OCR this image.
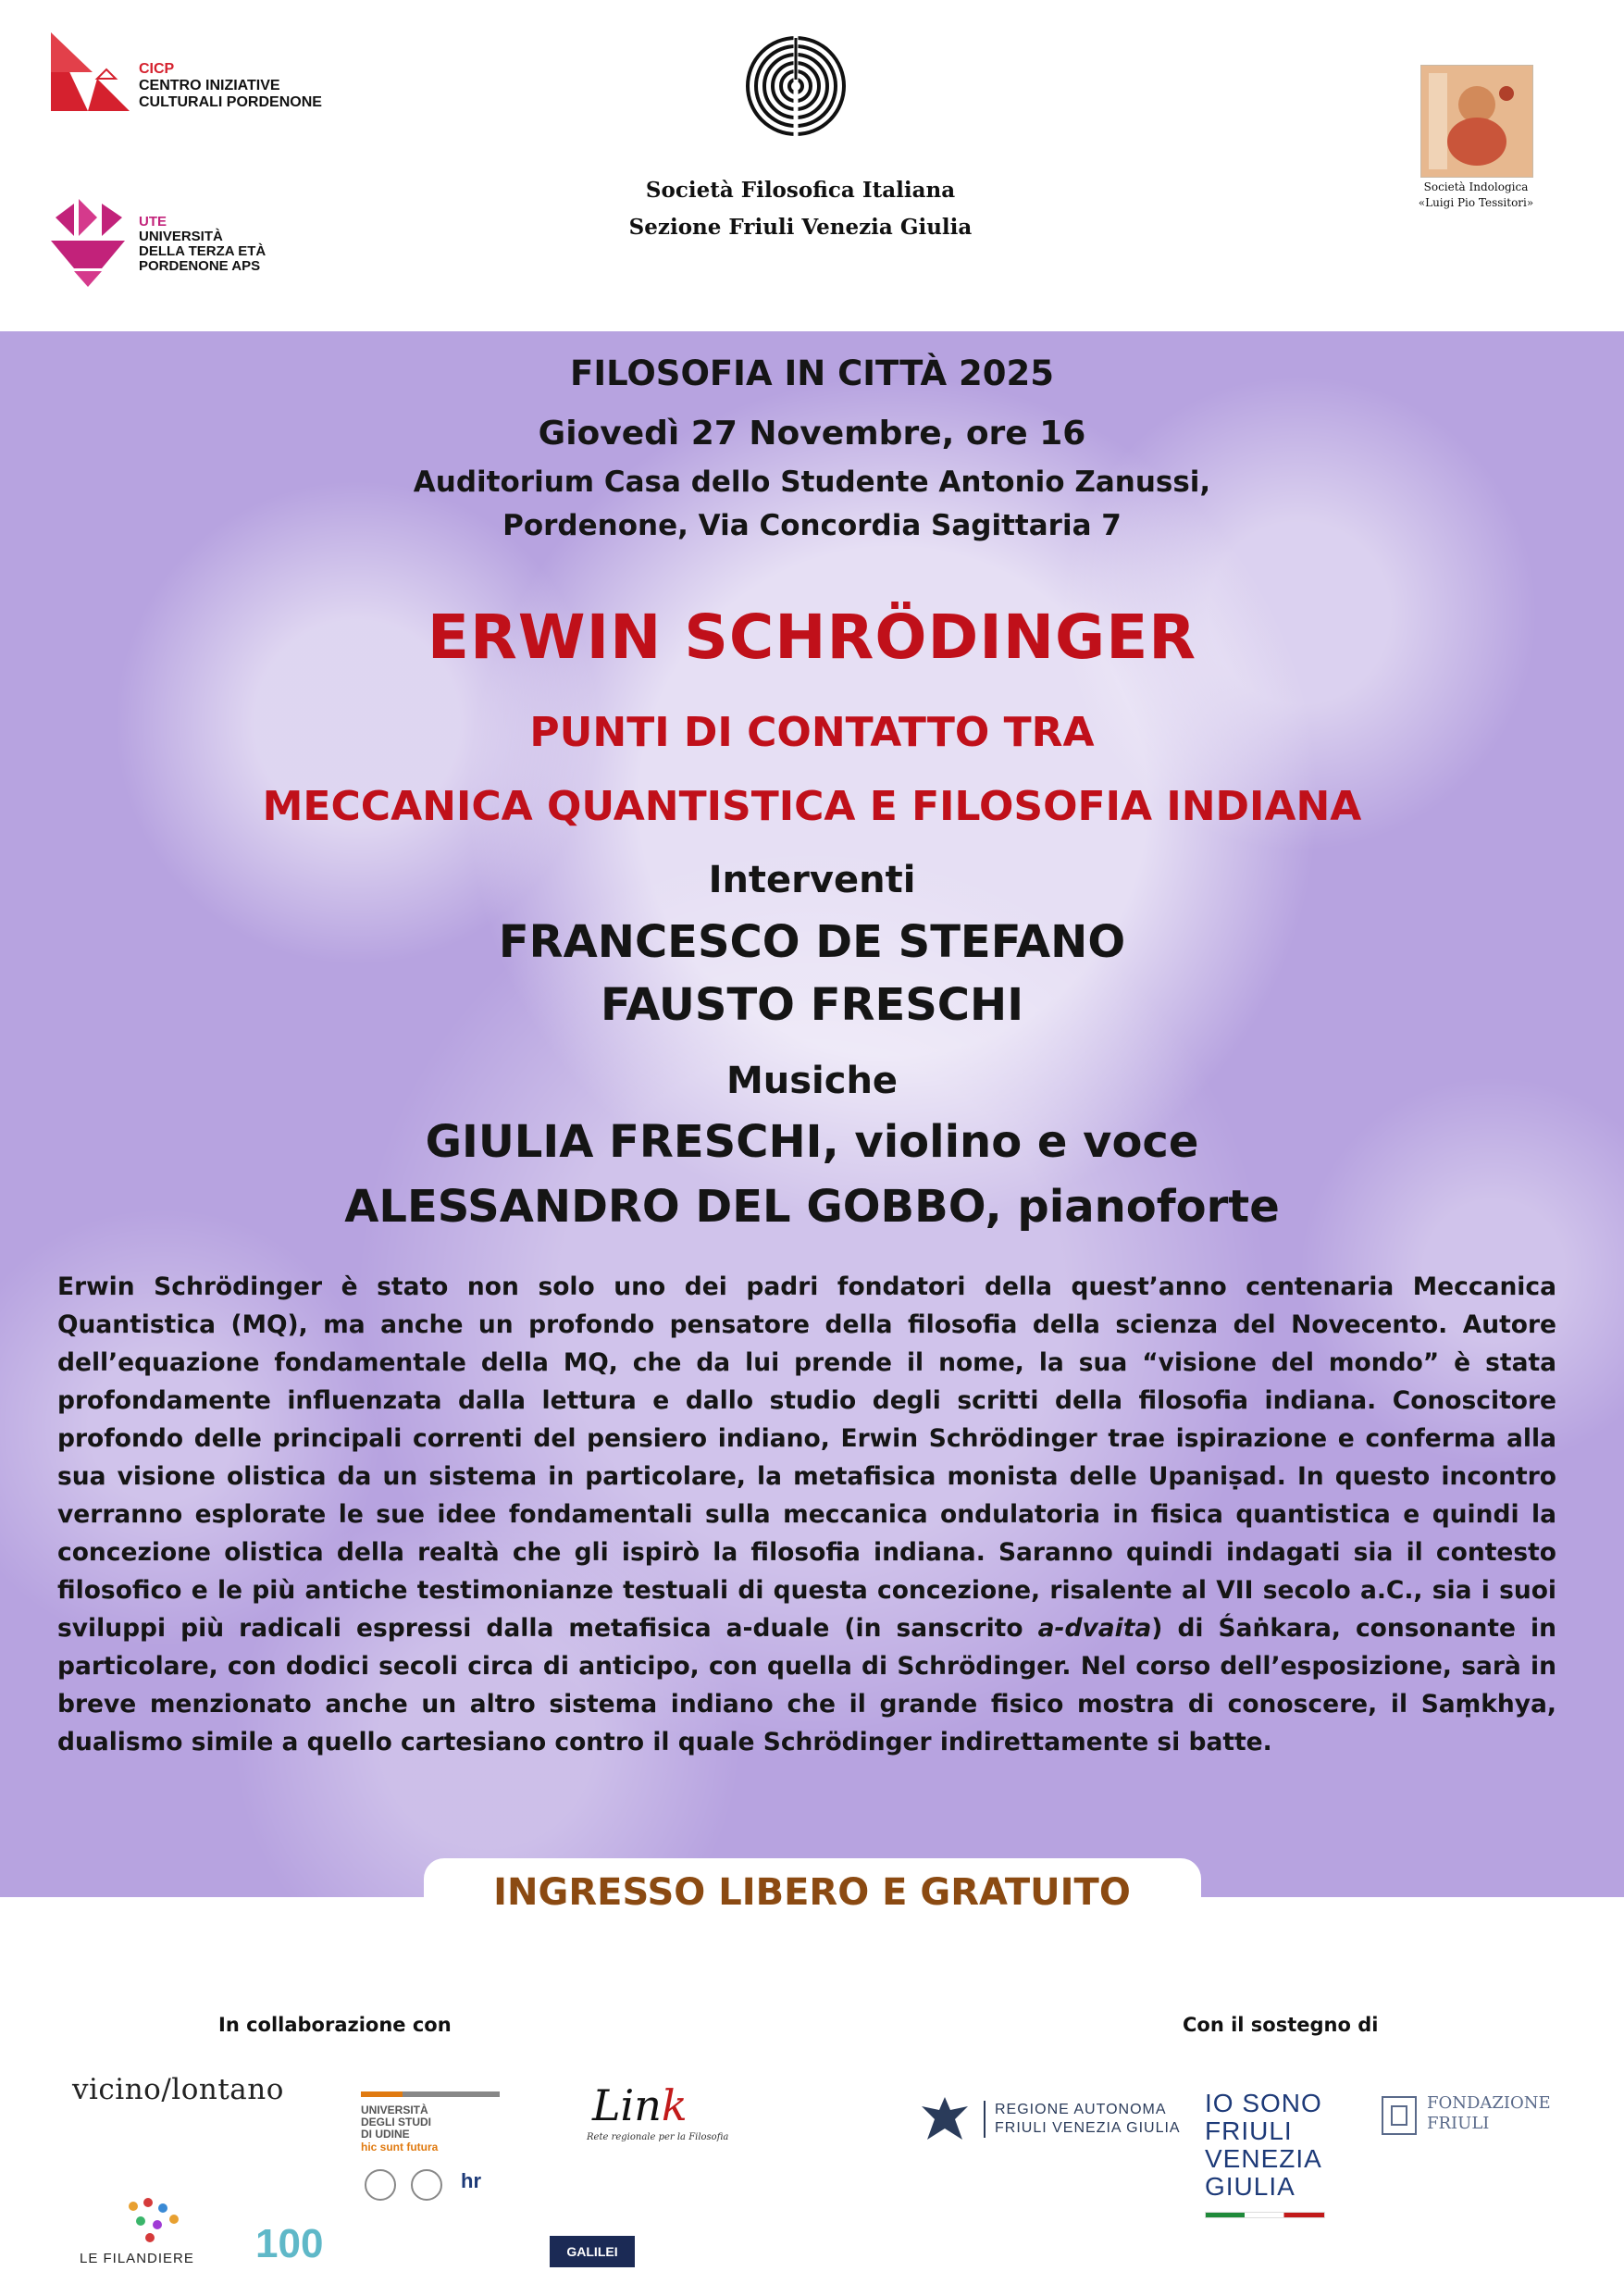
CICP
CENTRO INIZIATIVE
CULTURALI PORDENONE
UTE
UNIVERSITÀ
DELLA TERZA ETÀ
PORDENONE APS
Società Filosofica Italiana
Sezione Friuli Venezia Giulia
Società Indologica
«Luigi Pio Tessitori»

FILOSOFIA IN CITTÀ 2025

Giovedì 27 Novembre, ore 16

Auditorium Casa dello Studente Antonio Zanussi,

Pordenone, Via Concordia Sagittaria 7

ERWIN SCHRÖDINGER

PUNTI DI CONTATTO TRA

MECCANICA QUANTISTICA E FILOSOFIA INDIANA

Interventi

FRANCESCO DE STEFANO

FAUSTO FRESCHI

Musiche

GIULIA FRESCHI, violino e voce

ALESSANDRO DEL GOBBO, pianoforte

Erwin Schrödinger è stato non solo uno dei padri fondatori della quest’anno centenaria Meccanica Quantistica (MQ), ma anche un profondo pensatore della filosofia della scienza del Novecento. Autore dell’equazione fondamentale della MQ, che da lui prende il nome, la sua “visione del mondo” è stata profondamente influenzata dalla lettura e dallo studio degli scritti della filosofia indiana. Conoscitore profondo delle principali correnti del pensiero indiano, Erwin Schrödinger trae ispirazione e conferma alla sua visione olistica da un sistema in particolare, la metafisica monista delle Upaniṣad. In questo incontro verranno esplorate le sue idee fondamentali sulla meccanica ondulatoria in fisica quantistica e quindi la concezione olistica della realtà che gli ispirò la filosofia indiana. Saranno quindi indagati sia il contesto filosofico e le più antiche testimonianze testuali di questa concezione, risalente al VII secolo a.C., sia i suoi sviluppi più radicali espressi dalla metafisica a-duale (in sanscrito a-dvaita) di Śaṅkara, consonante in particolare, con dodici secoli circa di anticipo, con quella di Schrödinger. Nel corso dell’esposizione, sarà in breve menzionato anche un altro sistema indiano che il grande fisico mostra di conoscere, il Saṃkhya, dualismo simile a quello cartesiano contro il quale Schrödinger indirettamente si batte.

INGRESSO LIBERO E GRATUITO

In collaborazione con	Con il sostegno di
vicino/lontano
UNIVERSITÀ
DEGLI STUDI
DI UDINE
hic sunt futura
hr
Link
Rete regionale per la Filosofia
REGIONE AUTONOMA
FRIULI VENEZIA GIULIA
IO SONO
FRIULI
VENEZIA
GIULIA
FONDAZIONE
FRIULI
LE FILANDIERE 100	GALILEI
